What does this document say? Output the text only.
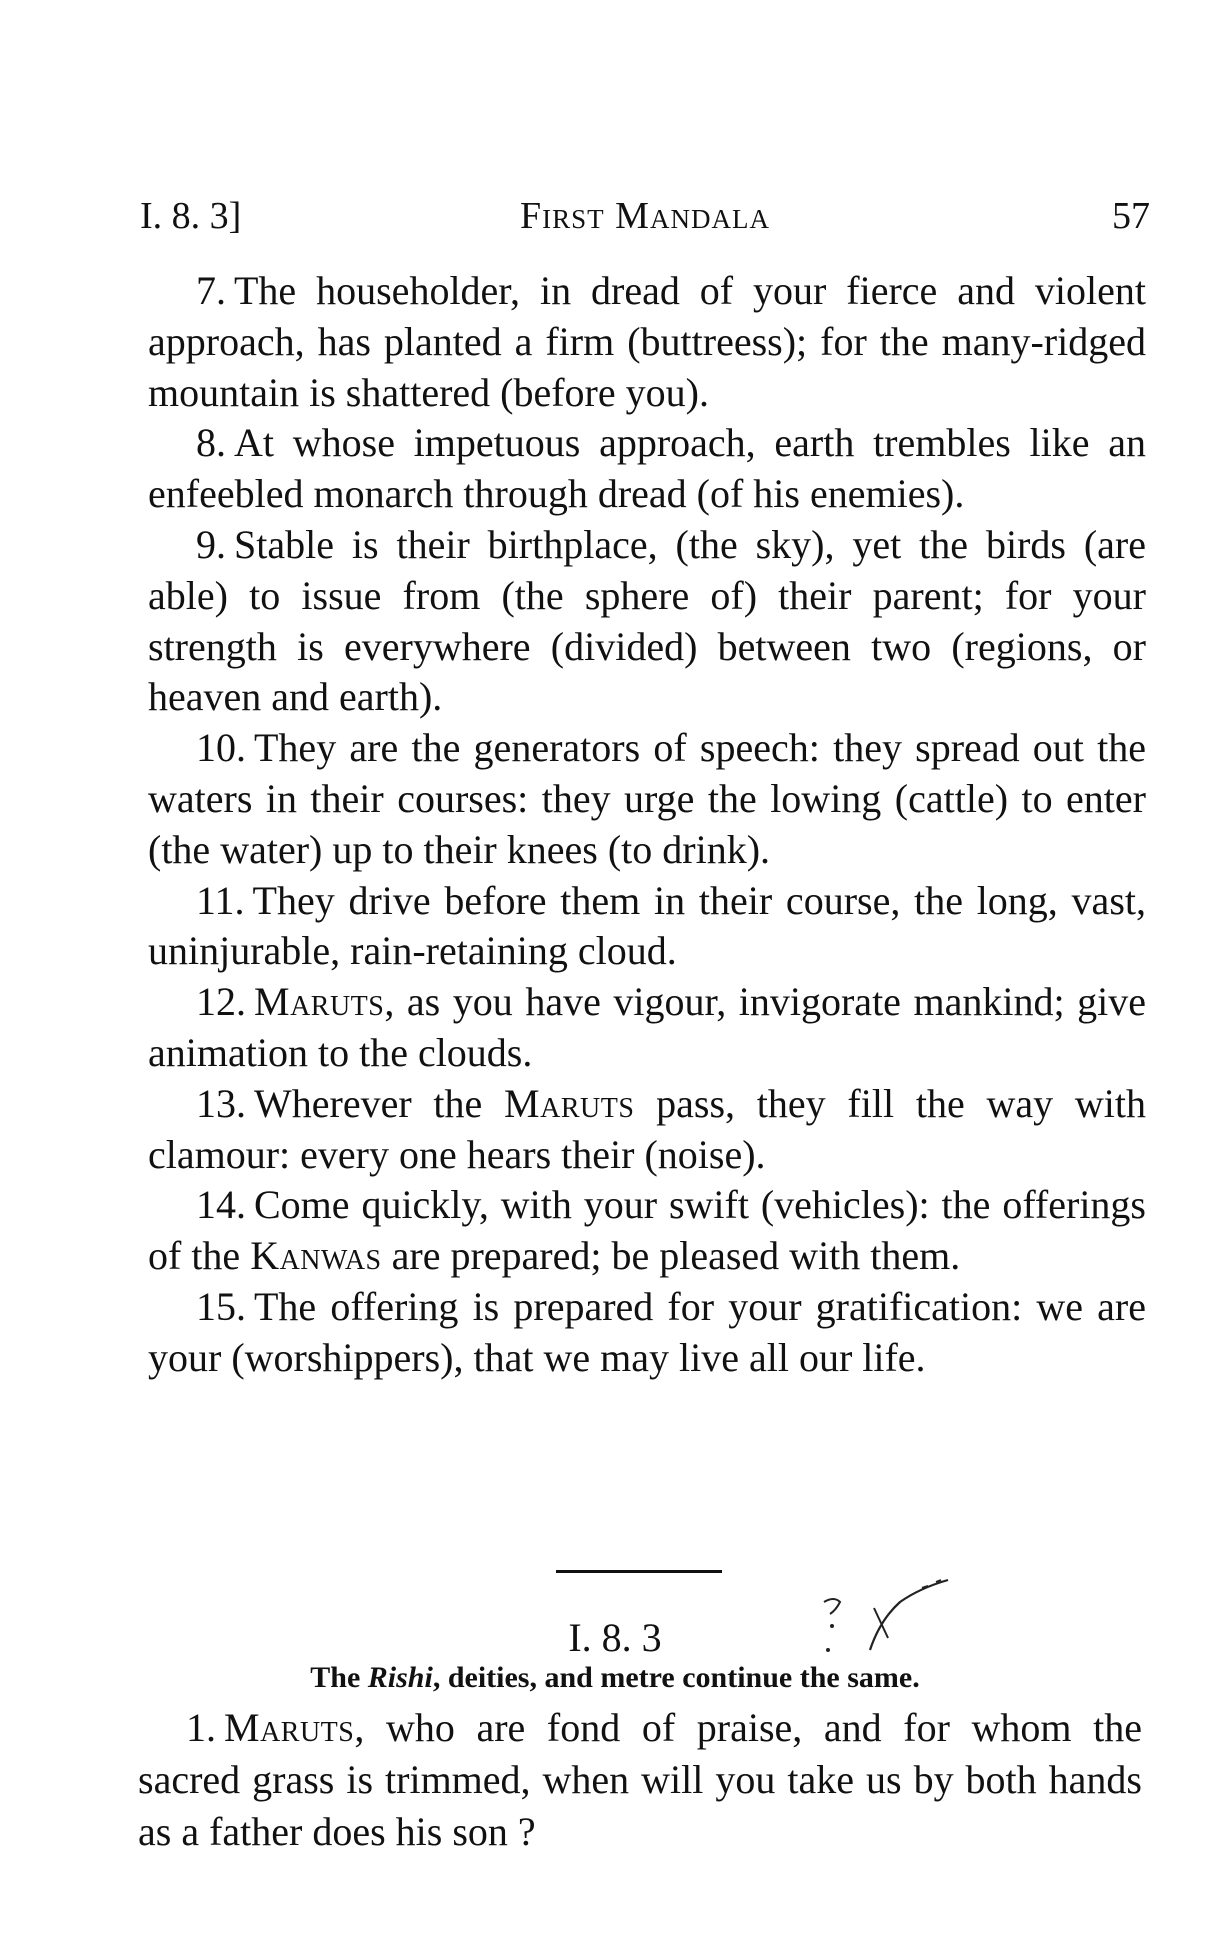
I. 8. 3]	First Mandala	57

7. The householder, in dread of your fierce and violent approach, has planted a firm (buttreess); for the many-ridged mountain is shattered (before you).

8. At whose impetuous approach, earth trembles like an enfeebled monarch through dread (of his enemies).

9. Stable is their birthplace, (the sky), yet the birds (are able) to issue from (the sphere of) their parent; for your strength is everywhere (divided) between two (regions, or heaven and earth).

10. They are the generators of speech: they spread out the waters in their courses: they urge the lowing (cattle) to enter (the water) up to their knees (to drink).

11. They drive before them in their course, the long, vast, uninjurable, rain-retaining cloud.

12. Maruts, as you have vigour, invigorate mankind; give animation to the clouds.

13. Wherever the Maruts pass, they fill the way with clamour: every one hears their (noise).

14. Come quickly, with your swift (vehicles): the offerings of the Kanwas are prepared; be pleased with them.

15. The offering is prepared for your gratification: we are your (worshippers), that we may live all our life.

I. 8. 3
The Rishi, deities, and metre continue the same.

1. Maruts, who are fond of praise, and for whom the sacred grass is trimmed, when will you take us by both hands as a father does his son ?
